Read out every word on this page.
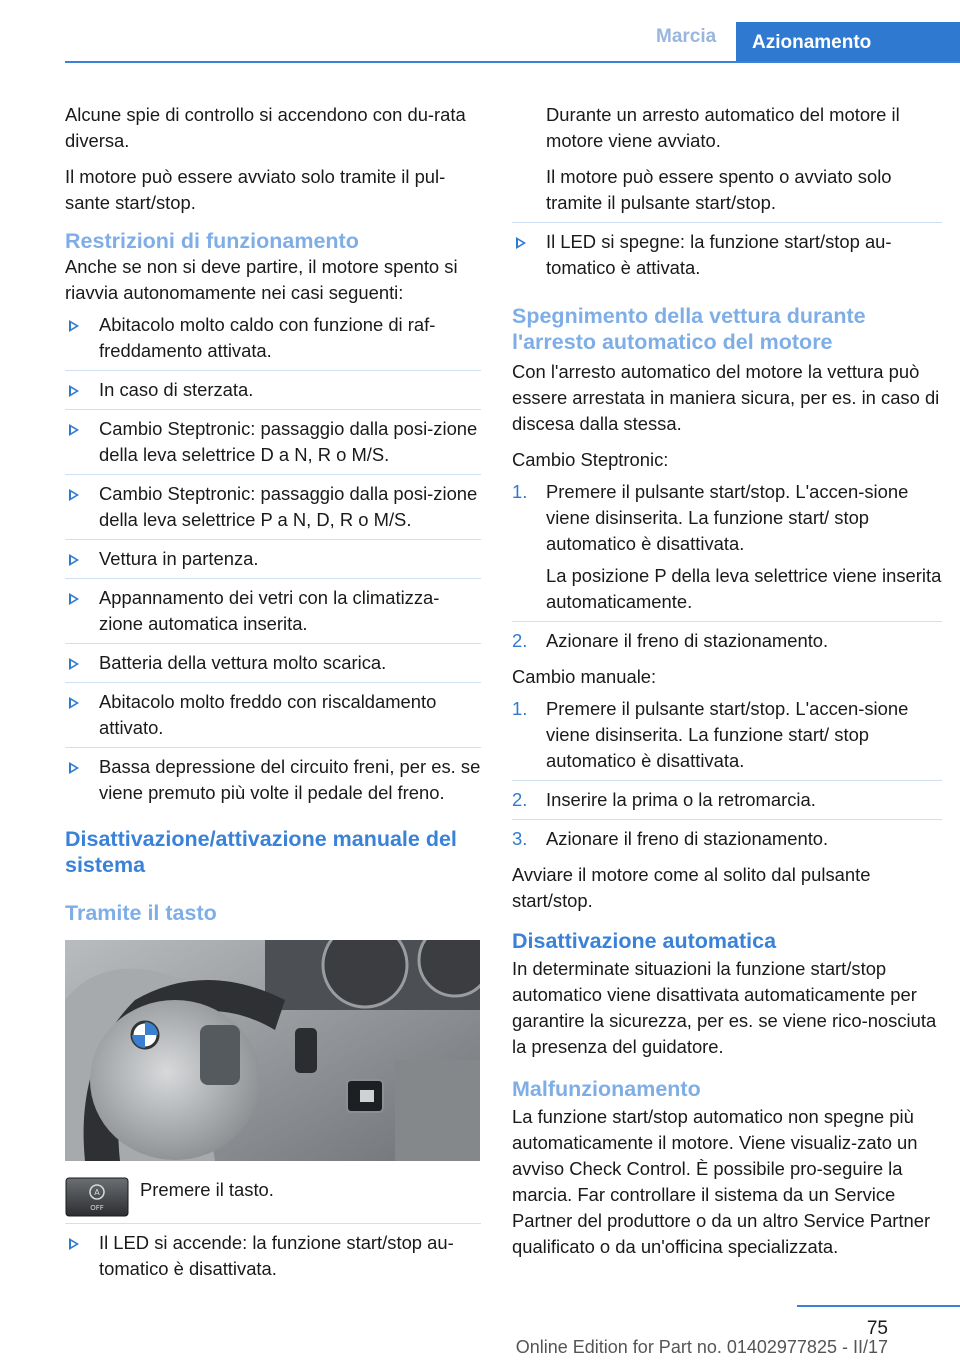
Marcia	Azionamento

Alcune spie di controllo si accendono con du‐rata diversa.

Il motore può essere avviato solo tramite il pul‐sante start/stop.

Restrizioni di funzionamento

Anche se non si deve partire, il motore spento si riavvia autonomamente nei casi seguenti:

Abitacolo molto caldo con funzione di raf‐freddamento attivata.
In caso di sterzata.
Cambio Steptronic: passaggio dalla posi‐zione della leva selettrice D a N, R o M/S.
Cambio Steptronic: passaggio dalla posi‐zione della leva selettrice P a N, D, R o M/S.
Vettura in partenza.
Appannamento dei vetri con la climatizza‐zione automatica inserita.
Batteria della vettura molto scarica.
Abitacolo molto freddo con riscaldamento attivato.
Bassa depressione del circuito freni, per es. se viene premuto più volte il pedale del freno.
Disattivazione/attivazione manuale del sistema
Tramite il tasto
A
OFF
Premere il tasto.
Il LED si accende: la funzione start/stop au‐tomatico è disattivata.

Durante un arresto automatico del motore il motore viene avviato.

Il motore può essere spento o avviato solo tramite il pulsante start/stop.

Il LED si spegne: la funzione start/stop au‐tomatico è attivata.
Spegnimento della vettura durante l'arresto automatico del motore

Con l'arresto automatico del motore la vettura può essere arrestata in maniera sicura, per es. in caso di discesa dalla stessa.

Cambio Steptronic:

1. Premere il pulsante start/stop. L'accen‐sione viene disinserita. La funzione start/ stop automatico è disattivata.
La posizione P della leva selettrice viene inserita automaticamente.
2. Azionare il freno di stazionamento.

Cambio manuale:

1. Premere il pulsante start/stop. L'accen‐sione viene disinserita. La funzione start/ stop automatico è disattivata.
2. Inserire la prima o la retromarcia.
3. Azionare il freno di stazionamento.

Avviare il motore come al solito dal pulsante start/stop.

Disattivazione automatica

In determinate situazioni la funzione start/stop automatico viene disattivata automaticamente per garantire la sicurezza, per es. se viene rico‐nosciuta la presenza del guidatore.

Malfunzionamento

La funzione start/stop automatico non spegne più automaticamente il motore. Viene visualiz‐zato un avviso Check Control. È possibile pro‐seguire la marcia. Far controllare il sistema da un Service Partner del produttore o da un altro Service Partner qualificato o da un'officina specializzata.

75
Online Edition for Part no. 01402977825 - II/17
